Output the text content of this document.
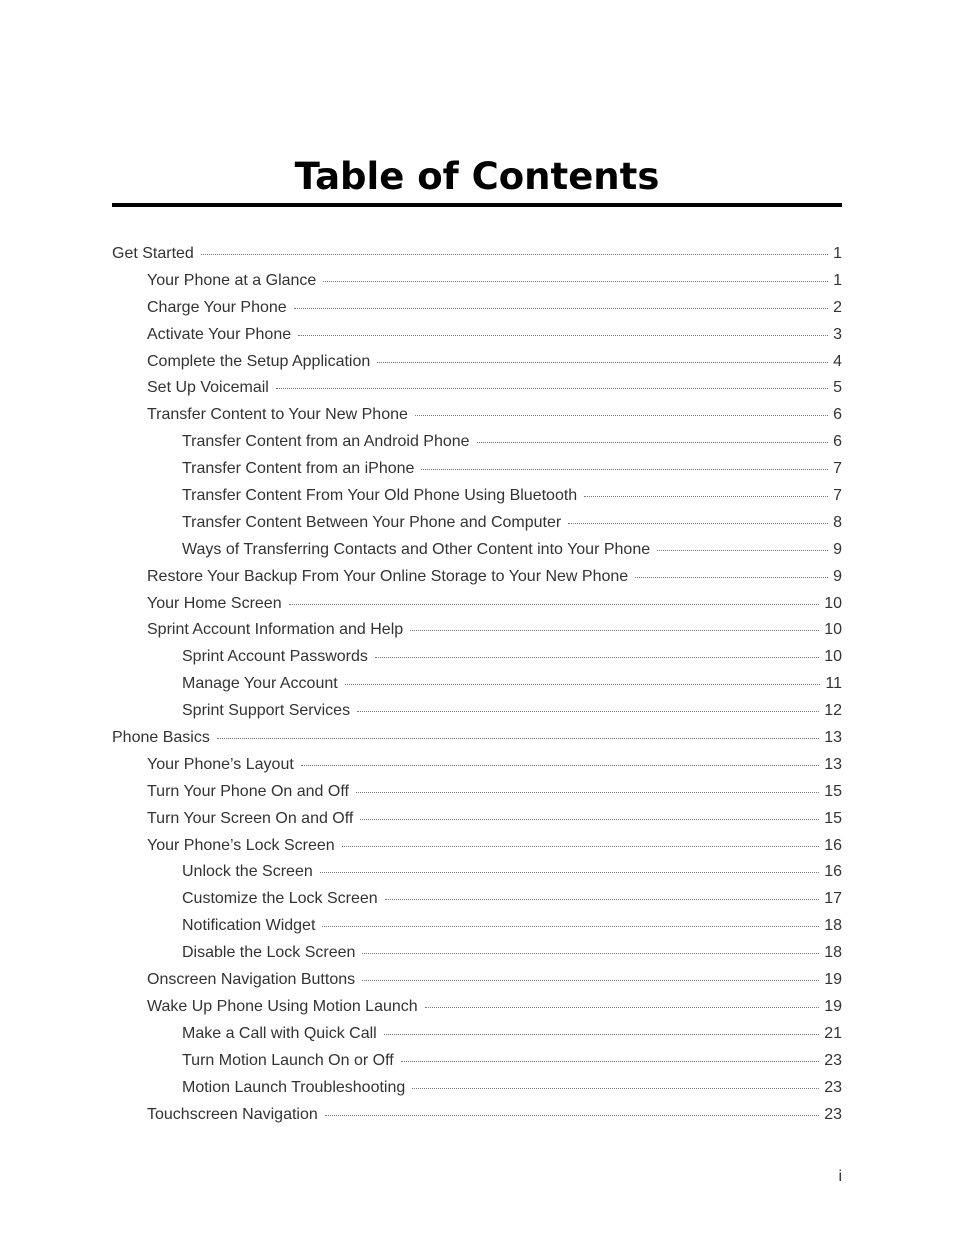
Table of Contents
Get Started	1
Your Phone at a Glance	1
Charge Your Phone	2
Activate Your Phone	3
Complete the Setup Application	4
Set Up Voicemail	5
Transfer Content to Your New Phone	6
Transfer Content from an Android Phone	6
Transfer Content from an iPhone	7
Transfer Content From Your Old Phone Using Bluetooth	7
Transfer Content Between Your Phone and Computer	8
Ways of Transferring Contacts and Other Content into Your Phone	9
Restore Your Backup From Your Online Storage to Your New Phone	9
Your Home Screen	10
Sprint Account Information and Help	10
Sprint Account Passwords	10
Manage Your Account	11
Sprint Support Services	12
Phone Basics	13
Your Phone’s Layout	13
Turn Your Phone On and Off	15
Turn Your Screen On and Off	15
Your Phone’s Lock Screen	16
Unlock the Screen	16
Customize the Lock Screen	17
Notification Widget	18
Disable the Lock Screen	18
Onscreen Navigation Buttons	19
Wake Up Phone Using Motion Launch	19
Make a Call with Quick Call	21
Turn Motion Launch On or Off	23
Motion Launch Troubleshooting	23
Touchscreen Navigation	23
i
